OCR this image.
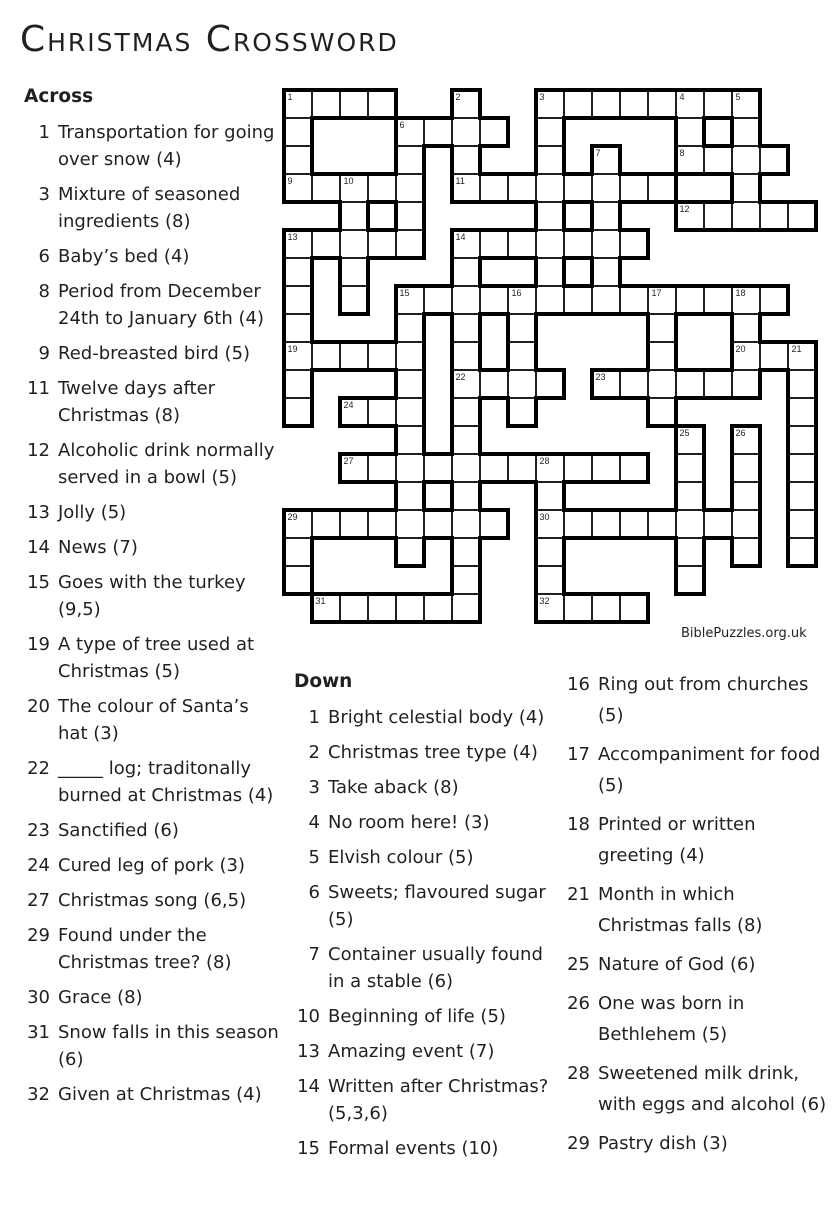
Christmas Crossword
Across
1 Transportation for going over snow (4)
3 Mixture of seasoned ingredients (8)
6 Baby’s bed (4)
8 Period from December 24th to January 6th (4)
9 Red-breasted bird (5)
11 Twelve days after Christmas (8)
12 Alcoholic drink normally served in a bowl (5)
13 Jolly (5)
14 News (7)
15 Goes with the turkey (9,5)
19 A type of tree used at Christmas (5)
20 The colour of Santa’s hat (3)
22 _____ log; traditonally burned at Christmas (4)
23 Sanctified (6)
24 Cured leg of pork (3)
27 Christmas song (6,5)
29 Found under the Christmas tree? (8)
30 Grace (8)
31 Snow falls in this season (6)
32 Given at Christmas (4)
1
9
2
11
3	4	5
8
6
7
10
12
13
19
14
22
15	16	17	18
20	21
23
24
25	26
27	28
30
32
29
31
BiblePuzzles.org.uk
Down
1 Bright celestial body (4)
2 Christmas tree type (4)
3 Take aback (8)
4 No room here! (3)
5 Elvish colour (5)
6 Sweets; flavoured sugar (5)
7 Container usually found in a stable (6)
10 Beginning of life (5)
13 Amazing event (7)
14 Written after Christmas? (5,3,6)
15 Formal events (10)
16 Ring out from churches (5)
17 Accompaniment for food (5)
18 Printed or written greeting (4)
21 Month in which Christmas falls (8)
25 Nature of God (6)
26 One was born in Bethlehem (5)
28 Sweetened milk drink, with eggs and alcohol (6)
29 Pastry dish (3)
